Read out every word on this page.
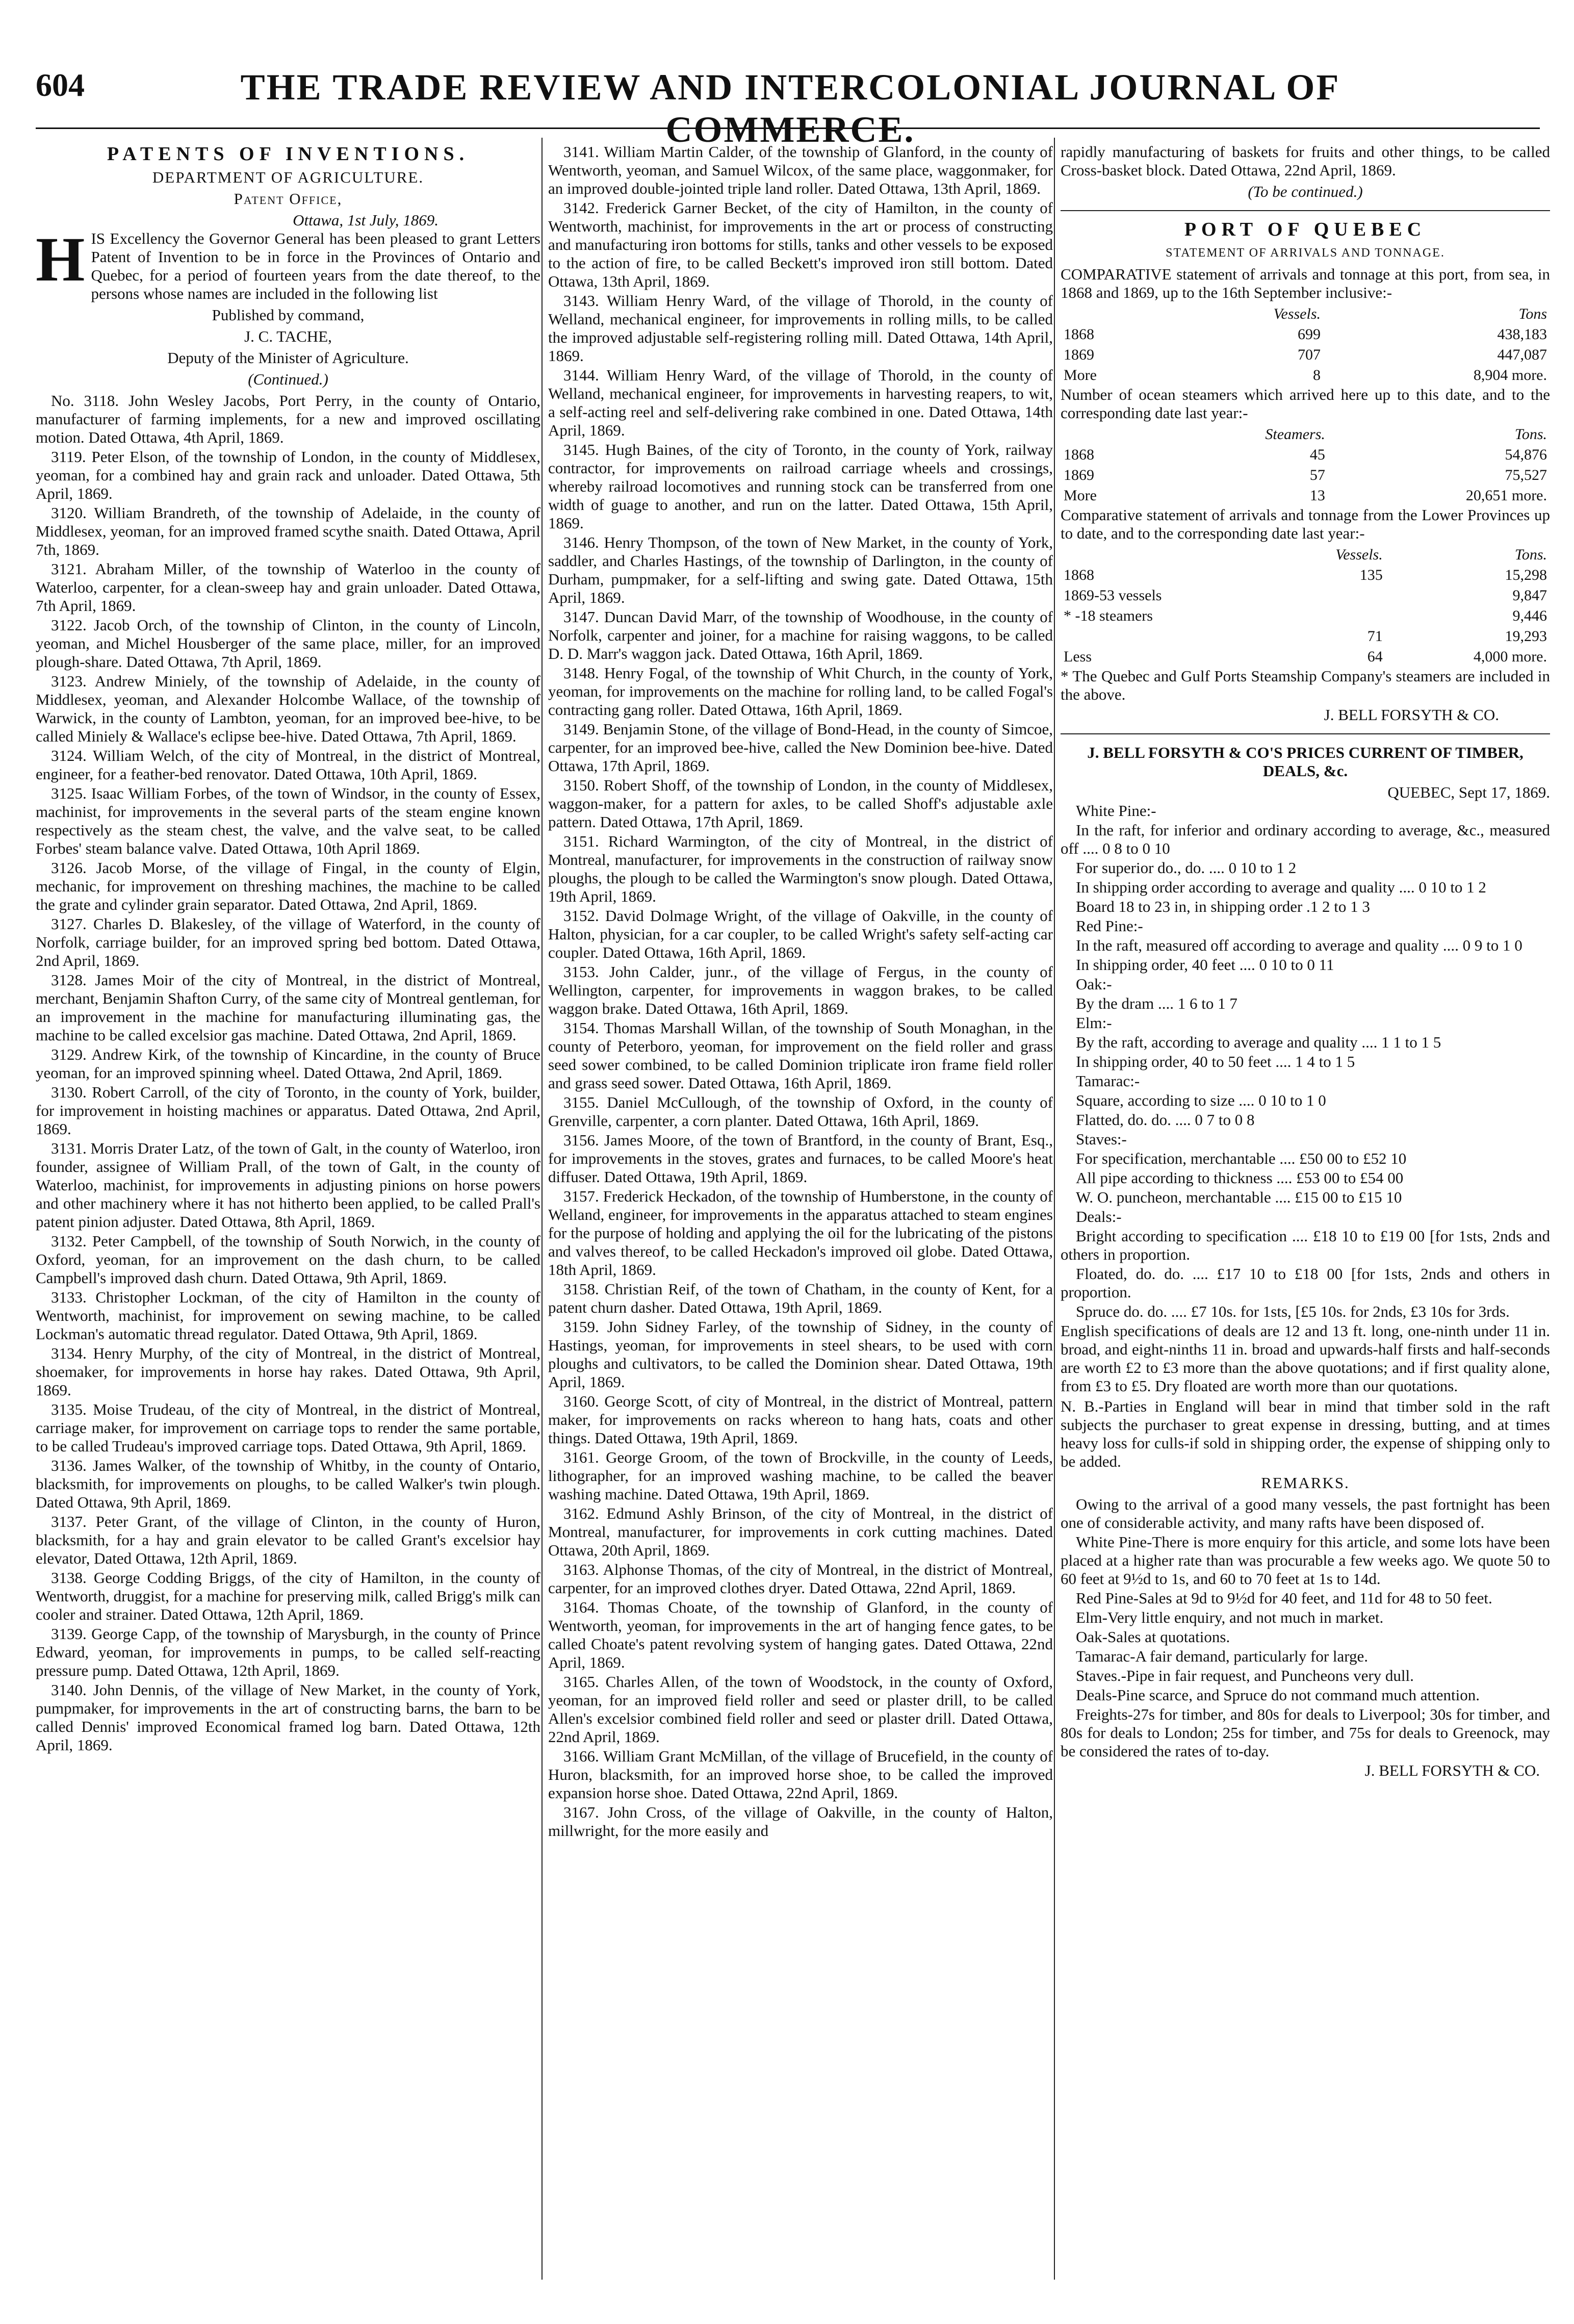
604	THE TRADE REVIEW AND INTERCOLONIAL JOURNAL OF COMMERCE.
PATENTS OF INVENTIONS.
DEPARTMENT OF AGRICULTURE.
Patent Office,
Ottawa, 1st July, 1869.

HIS Excellency the Governor General has been pleased to grant Letters Patent of Invention to be in force in the Provinces of Ontario and Quebec, for a period of fourteen years from the date thereof, to the persons whose names are included in the following list

Published by command,
J. C. TACHE,
Deputy of the Minister of Agriculture.
(Continued.)

No. 3118. John Wesley Jacobs, Port Perry, in the county of Ontario, manufacturer of farming implements, for a new and improved oscillating motion. Dated Ottawa, 4th April, 1869.

3119. Peter Elson, of the township of London, in the county of Middlesex, yeoman, for a combined hay and grain rack and unloader. Dated Ottawa, 5th April, 1869.

3120. William Brandreth, of the township of Adelaide, in the county of Middlesex, yeoman, for an improved framed scythe snaith. Dated Ottawa, April 7th, 1869.

3121. Abraham Miller, of the township of Waterloo in the county of Waterloo, carpenter, for a clean-sweep hay and grain unloader. Dated Ottawa, 7th April, 1869.

3122. Jacob Orch, of the township of Clinton, in the county of Lincoln, yeoman, and Michel Housberger of the same place, miller, for an improved plough-share. Dated Ottawa, 7th April, 1869.

3123. Andrew Miniely, of the township of Adelaide, in the county of Middlesex, yeoman, and Alexander Holcombe Wallace, of the township of Warwick, in the county of Lambton, yeoman, for an improved bee-hive, to be called Miniely & Wallace's eclipse bee-hive. Dated Ottawa, 7th April, 1869.

3124. William Welch, of the city of Montreal, in the district of Montreal, engineer, for a feather-bed renovator. Dated Ottawa, 10th April, 1869.

3125. Isaac William Forbes, of the town of Windsor, in the county of Essex, machinist, for improvements in the several parts of the steam engine known respectively as the steam chest, the valve, and the valve seat, to be called Forbes' steam balance valve. Dated Ottawa, 10th April 1869.

3126. Jacob Morse, of the village of Fingal, in the county of Elgin, mechanic, for improvement on threshing machines, the machine to be called the grate and cylinder grain separator. Dated Ottawa, 2nd April, 1869.

3127. Charles D. Blakesley, of the village of Waterford, in the county of Norfolk, carriage builder, for an improved spring bed bottom. Dated Ottawa, 2nd April, 1869.

3128. James Moir of the city of Montreal, in the district of Montreal, merchant, Benjamin Shafton Curry, of the same city of Montreal gentleman, for an improvement in the machine for manufacturing illuminating gas, the machine to be called excelsior gas machine. Dated Ottawa, 2nd April, 1869.

3129. Andrew Kirk, of the township of Kincardine, in the county of Bruce yeoman, for an improved spinning wheel. Dated Ottawa, 2nd April, 1869.

3130. Robert Carroll, of the city of Toronto, in the county of York, builder, for improvement in hoisting machines or apparatus. Dated Ottawa, 2nd April, 1869.

3131. Morris Drater Latz, of the town of Galt, in the county of Waterloo, iron founder, assignee of William Prall, of the town of Galt, in the county of Waterloo, machinist, for improvements in adjusting pinions on horse powers and other machinery where it has not hitherto been applied, to be called Prall's patent pinion adjuster. Dated Ottawa, 8th April, 1869.

3132. Peter Campbell, of the township of South Norwich, in the county of Oxford, yeoman, for an improvement on the dash churn, to be called Campbell's improved dash churn. Dated Ottawa, 9th April, 1869.

3133. Christopher Lockman, of the city of Hamilton in the county of Wentworth, machinist, for improvement on sewing machine, to be called Lockman's automatic thread regulator. Dated Ottawa, 9th April, 1869.

3134. Henry Murphy, of the city of Montreal, in the district of Montreal, shoemaker, for improvements in horse hay rakes. Dated Ottawa, 9th April, 1869.

3135. Moise Trudeau, of the city of Montreal, in the district of Montreal, carriage maker, for improvement on carriage tops to render the same portable, to be called Trudeau's improved carriage tops. Dated Ottawa, 9th April, 1869.

3136. James Walker, of the township of Whitby, in the county of Ontario, blacksmith, for improvements on ploughs, to be called Walker's twin plough. Dated Ottawa, 9th April, 1869.

3137. Peter Grant, of the village of Clinton, in the county of Huron, blacksmith, for a hay and grain elevator to be called Grant's excelsior hay elevator, Dated Ottawa, 12th April, 1869.

3138. George Codding Briggs, of the city of Hamilton, in the county of Wentworth, druggist, for a machine for preserving milk, called Brigg's milk can cooler and strainer. Dated Ottawa, 12th April, 1869.

3139. George Capp, of the township of Marysburgh, in the county of Prince Edward, yeoman, for improvements in pumps, to be called self-reacting pressure pump. Dated Ottawa, 12th April, 1869.

3140. John Dennis, of the village of New Market, in the county of York, pumpmaker, for improvements in the art of constructing barns, the barn to be called Dennis' improved Economical framed log barn. Dated Ottawa, 12th April, 1869.

3141. William Martin Calder, of the township of Glanford, in the county of Wentworth, yeoman, and Samuel Wilcox, of the same place, waggonmaker, for an improved double-jointed triple land roller. Dated Ottawa, 13th April, 1869.

3142. Frederick Garner Becket, of the city of Hamilton, in the county of Wentworth, machinist, for improvements in the art or process of constructing and manufacturing iron bottoms for stills, tanks and other vessels to be exposed to the action of fire, to be called Beckett's improved iron still bottom. Dated Ottawa, 13th April, 1869.

3143. William Henry Ward, of the village of Thorold, in the county of Welland, mechanical engineer, for improvements in rolling mills, to be called the improved adjustable self-registering rolling mill. Dated Ottawa, 14th April, 1869.

3144. William Henry Ward, of the village of Thorold, in the county of Welland, mechanical engineer, for improvements in harvesting reapers, to wit, a self-acting reel and self-delivering rake combined in one. Dated Ottawa, 14th April, 1869.

3145. Hugh Baines, of the city of Toronto, in the county of York, railway contractor, for improvements on railroad carriage wheels and crossings, whereby railroad locomotives and running stock can be transferred from one width of guage to another, and run on the latter. Dated Ottawa, 15th April, 1869.

3146. Henry Thompson, of the town of New Market, in the county of York, saddler, and Charles Hastings, of the township of Darlington, in the county of Durham, pumpmaker, for a self-lifting and swing gate. Dated Ottawa, 15th April, 1869.

3147. Duncan David Marr, of the township of Woodhouse, in the county of Norfolk, carpenter and joiner, for a machine for raising waggons, to be called D. D. Marr's waggon jack. Dated Ottawa, 16th April, 1869.

3148. Henry Fogal, of the township of Whit Church, in the county of York, yeoman, for improvements on the machine for rolling land, to be called Fogal's contracting gang roller. Dated Ottawa, 16th April, 1869.

3149. Benjamin Stone, of the village of Bond-Head, in the county of Simcoe, carpenter, for an improved bee-hive, called the New Dominion bee-hive. Dated Ottawa, 17th April, 1869.

3150. Robert Shoff, of the township of London, in the county of Middlesex, waggon-maker, for a pattern for axles, to be called Shoff's adjustable axle pattern. Dated Ottawa, 17th April, 1869.

3151. Richard Warmington, of the city of Montreal, in the district of Montreal, manufacturer, for improvements in the construction of railway snow ploughs, the plough to be called the Warmington's snow plough. Dated Ottawa, 19th April, 1869.

3152. David Dolmage Wright, of the village of Oakville, in the county of Halton, physician, for a car coupler, to be called Wright's safety self-acting car coupler. Dated Ottawa, 16th April, 1869.

3153. John Calder, junr., of the village of Fergus, in the county of Wellington, carpenter, for improvements in waggon brakes, to be called waggon brake. Dated Ottawa, 16th April, 1869.

3154. Thomas Marshall Willan, of the township of South Monaghan, in the county of Peterboro, yeoman, for improvement on the field roller and grass seed sower combined, to be called Dominion triplicate iron frame field roller and grass seed sower. Dated Ottawa, 16th April, 1869.

3155. Daniel McCullough, of the township of Oxford, in the county of Grenville, carpenter, a corn planter. Dated Ottawa, 16th April, 1869.

3156. James Moore, of the town of Brantford, in the county of Brant, Esq., for improvements in the stoves, grates and furnaces, to be called Moore's heat diffuser. Dated Ottawa, 19th April, 1869.

3157. Frederick Heckadon, of the township of Humberstone, in the county of Welland, engineer, for improvements in the apparatus attached to steam engines for the purpose of holding and applying the oil for the lubricating of the pistons and valves thereof, to be called Heckadon's improved oil globe. Dated Ottawa, 18th April, 1869.

3158. Christian Reif, of the town of Chatham, in the county of Kent, for a patent churn dasher. Dated Ottawa, 19th April, 1869.

3159. John Sidney Farley, of the township of Sidney, in the county of Hastings, yeoman, for improvements in steel shears, to be used with corn ploughs and cultivators, to be called the Dominion shear. Dated Ottawa, 19th April, 1869.

3160. George Scott, of city of Montreal, in the district of Montreal, pattern maker, for improvements on racks whereon to hang hats, coats and other things. Dated Ottawa, 19th April, 1869.

3161. George Groom, of the town of Brockville, in the county of Leeds, lithographer, for an improved washing machine, to be called the beaver washing machine. Dated Ottawa, 19th April, 1869.

3162. Edmund Ashly Brinson, of the city of Montreal, in the district of Montreal, manufacturer, for improvements in cork cutting machines. Dated Ottawa, 20th April, 1869.

3163. Alphonse Thomas, of the city of Montreal, in the district of Montreal, carpenter, for an improved clothes dryer. Dated Ottawa, 22nd April, 1869.

3164. Thomas Choate, of the township of Glanford, in the county of Wentworth, yeoman, for improvements in the art of hanging fence gates, to be called Choate's patent revolving system of hanging gates. Dated Ottawa, 22nd April, 1869.

3165. Charles Allen, of the town of Woodstock, in the county of Oxford, yeoman, for an improved field roller and seed or plaster drill, to be called Allen's excelsior combined field roller and seed or plaster drill. Dated Ottawa, 22nd April, 1869.

3166. William Grant McMillan, of the village of Brucefield, in the county of Huron, blacksmith, for an improved horse shoe, to be called the improved expansion horse shoe. Dated Ottawa, 22nd April, 1869.

3167. John Cross, of the village of Oakville, in the county of Halton, millwright, for the more easily and

rapidly manufacturing of baskets for fruits and other things, to be called Cross-basket block. Dated Ottawa, 22nd April, 1869.

(To be continued.)
PORT OF QUEBEC
STATEMENT OF ARRIVALS AND TONNAGE.

COMPARATIVE statement of arrivals and tonnage at this port, from sea, in 1868 and 1869, up to the 16th September inclusive:-

	Vessels.	Tons
1868	699	438,183
1869	707	447,087
More	8	8,904 more.

Number of ocean steamers which arrived here up to this date, and to the corresponding date last year:-

	Steamers.	Tons.
1868	45	54,876
1869	57	75,527
More	13	20,651 more.

Comparative statement of arrivals and tonnage from the Lower Provinces up to date, and to the corresponding date last year:-

	Vessels.	Tons.
1868	135	15,298
1869-53 vessels		9,847
* -18 steamers		9,446
	71	19,293
Less	64	4,000 more.

* The Quebec and Gulf Ports Steamship Company's steamers are included in the above.

J. BELL FORSYTH & CO.
J. BELL FORSYTH & CO'S PRICES CURRENT OF TIMBER, DEALS, &c.
QUEBEC, Sept 17, 1869.

White Pine:-

In the raft, for inferior and ordinary according to average, &c., measured off .... 0 8 to 0 10

For superior do., do. .... 0 10 to 1 2

In shipping order according to average and quality .... 0 10 to 1 2

Board 18 to 23 in, in shipping order .1 2 to 1 3

Red Pine:-

In the raft, measured off according to average and quality .... 0 9 to 1 0

In shipping order, 40 feet .... 0 10 to 0 11

Oak:-

By the dram .... 1 6 to 1 7

Elm:-

By the raft, according to average and quality .... 1 1 to 1 5

In shipping order, 40 to 50 feet .... 1 4 to 1 5

Tamarac:-

Square, according to size .... 0 10 to 1 0

Flatted, do. do. .... 0 7 to 0 8

Staves:-

For specification, merchantable .... £50 00 to £52 10

All pipe according to thickness .... £53 00 to £54 00

W. O. puncheon, merchantable .... £15 00 to £15 10

Deals:-

Bright according to specification .... £18 10 to £19 00 [for 1sts, 2nds and others in proportion.

Floated, do. do. .... £17 10 to £18 00 [for 1sts, 2nds and others in proportion.

Spruce do. do. .... £7 10s. for 1sts, [£5 10s. for 2nds, £3 10s for 3rds.

English specifications of deals are 12 and 13 ft. long, one-ninth under 11 in. broad, and eight-ninths 11 in. broad and upwards-half firsts and half-seconds are worth £2 to £3 more than the above quotations; and if first quality alone, from £3 to £5. Dry floated are worth more than our quotations.

N. B.-Parties in England will bear in mind that timber sold in the raft subjects the purchaser to great expense in dressing, butting, and at times heavy loss for culls-if sold in shipping order, the expense of shipping only to be added.

REMARKS.

Owing to the arrival of a good many vessels, the past fortnight has been one of considerable activity, and many rafts have been disposed of.

White Pine-There is more enquiry for this article, and some lots have been placed at a higher rate than was procurable a few weeks ago. We quote 50 to 60 feet at 9½d to 1s, and 60 to 70 feet at 1s to 14d.

Red Pine-Sales at 9d to 9½d for 40 feet, and 11d for 48 to 50 feet.

Elm-Very little enquiry, and not much in market.

Oak-Sales at quotations.

Tamarac-A fair demand, particularly for large.

Staves.-Pipe in fair request, and Puncheons very dull.

Deals-Pine scarce, and Spruce do not command much attention.

Freights-27s for timber, and 80s for deals to Liverpool; 30s for timber, and 80s for deals to London; 25s for timber, and 75s for deals to Greenock, may be considered the rates of to-day.

J. BELL FORSYTH & CO.
